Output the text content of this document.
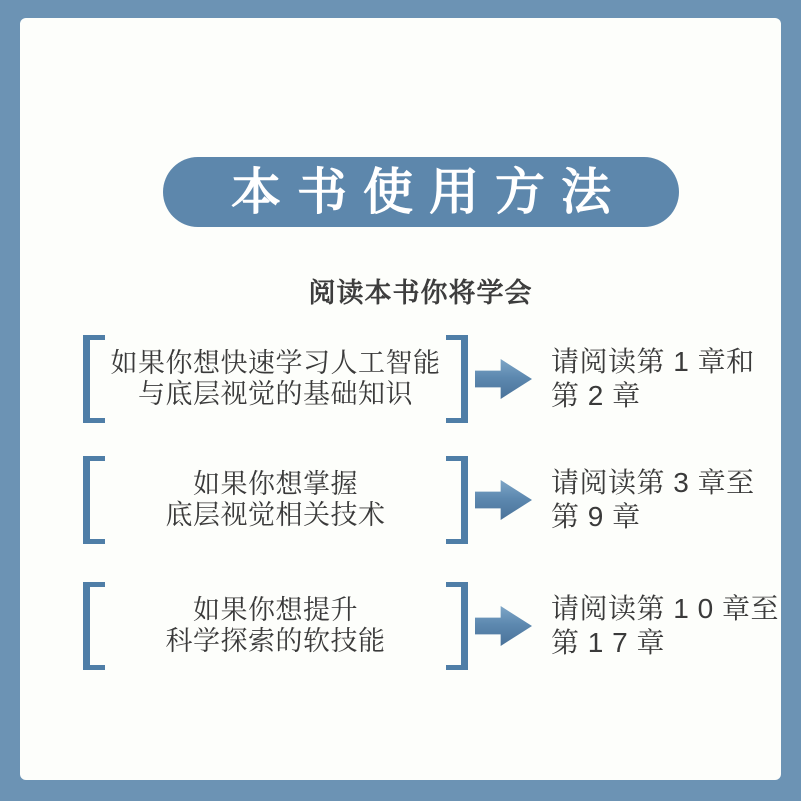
本书使用方法
阅读本书你将学会
如果你想快速学习人工智能
与底层视觉的基础知识
请阅读第 1 章和
第 2 章
如果你想掌握
底层视觉相关技术
请阅读第 3 章至
第 9 章
如果你想提升
科学探索的软技能
请阅读第 1 0 章至
第 1 7 章
